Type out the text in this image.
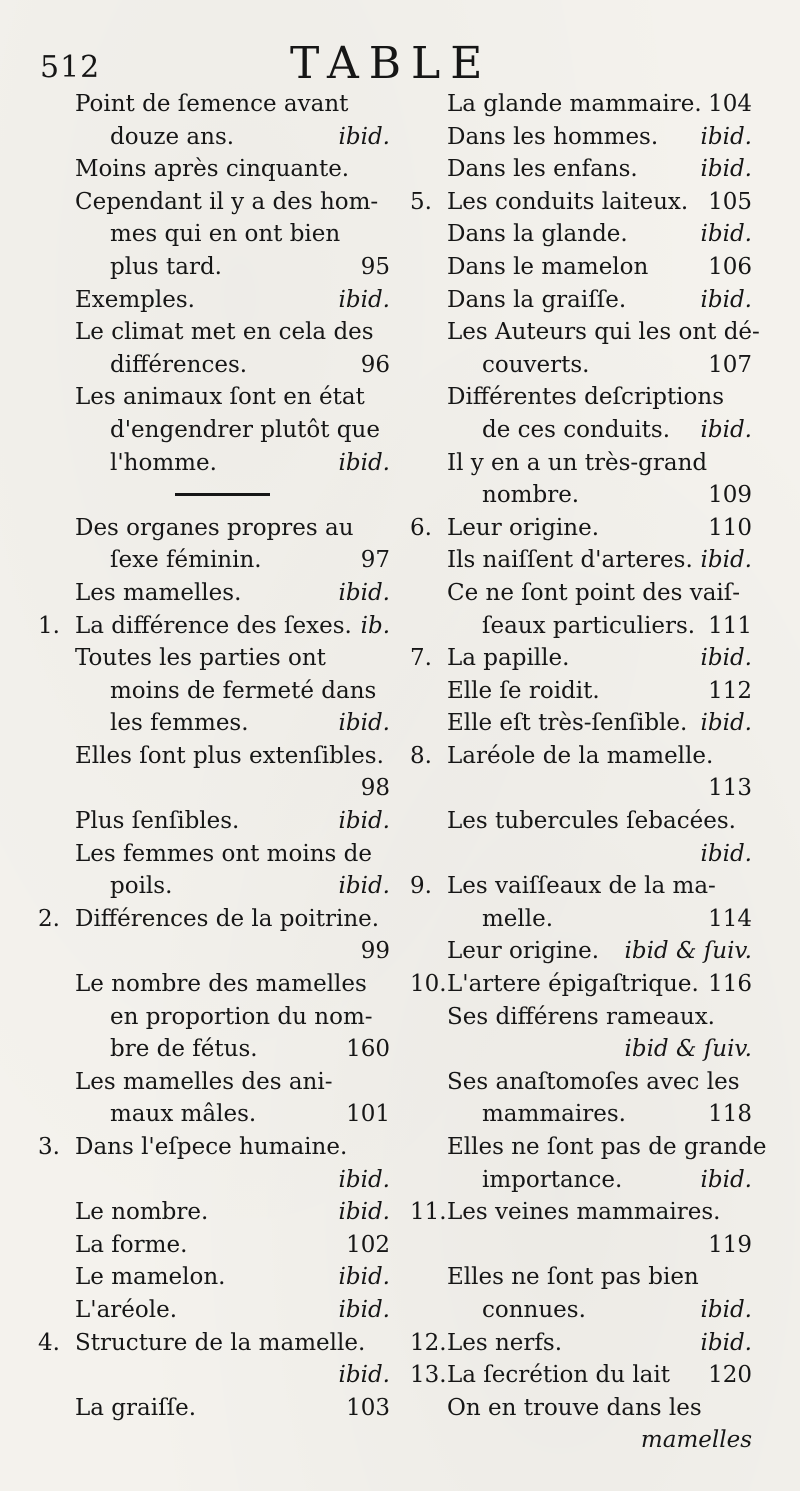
512	TABLE
Point de ſemence avant
douze ans.	ibid.
Moins après cinquante.
Cependant il y a des hom-
mes qui en ont bien
plus tard.	95
Exemples.	ibid.
Le climat met en cela des
différences.	96
Les animaux ſont en état
d'engendrer plutôt que
l'homme.	ibid.
Des organes propres au
ſexe féminin.	97
Les mamelles.	ibid.
1. La différence des ſexes. ib.
Toutes les parties ont
moins de fermeté dans
les femmes.	ibid.
Elles ſont plus extenſibles.
98
Plus ſenſibles.	ibid.
Les femmes ont moins de
poils.	ibid.
2. Différences de la poitrine.
99
Le nombre des mamelles
en proportion du nom-
bre de fétus.	160
Les mamelles des ani-
maux mâles.	101
3. Dans l'eſpece humaine.
ibid.
Le nombre.	ibid.
La forme.	102
Le mamelon.	ibid.
L'aréole.	ibid.
4. Structure de la mamelle.
ibid.
La graiſſe.	103
La glande mammaire. 104
Dans les hommes. ibid.
Dans les enfans.	ibid.
5. Les conduits laiteux. 105
Dans la glande.	ibid.
Dans le mamelon	106
Dans la graiſſe.	ibid.
Les Auteurs qui les ont dé-
couverts.	107
Différentes deſcriptions
de ces conduits. ibid.
Il y en a un très-grand
nombre.	109
6. Leur origine.	110
Ils naiſſent d'arteres. ibid.
Ce ne ſont point des vaiſ-
ſeaux particuliers. 111
7. La papille.	ibid.
Elle ſe roidit.	112
Elle eſt très-ſenſible. ibid.
8. Laréole de la mamelle.
113
Les tubercules ſebacées.
ibid.
9. Les vaiſſeaux de la ma-
melle.	114
Leur origine. ibid & ſuiv.
10. L'artere épigaſtrique. 116
Ses différens rameaux.
ibid & ſuiv.
Ses anaſtomoſes avec les
mammaires.	118
Elles ne ſont pas de grande
importance.	ibid.
11. Les veines mammaires.
119
Elles ne ſont pas bien
connues.	ibid.
12. Les nerfs.	ibid.
13. La ſecrétion du lait 120
On en trouve dans les
mamelles
